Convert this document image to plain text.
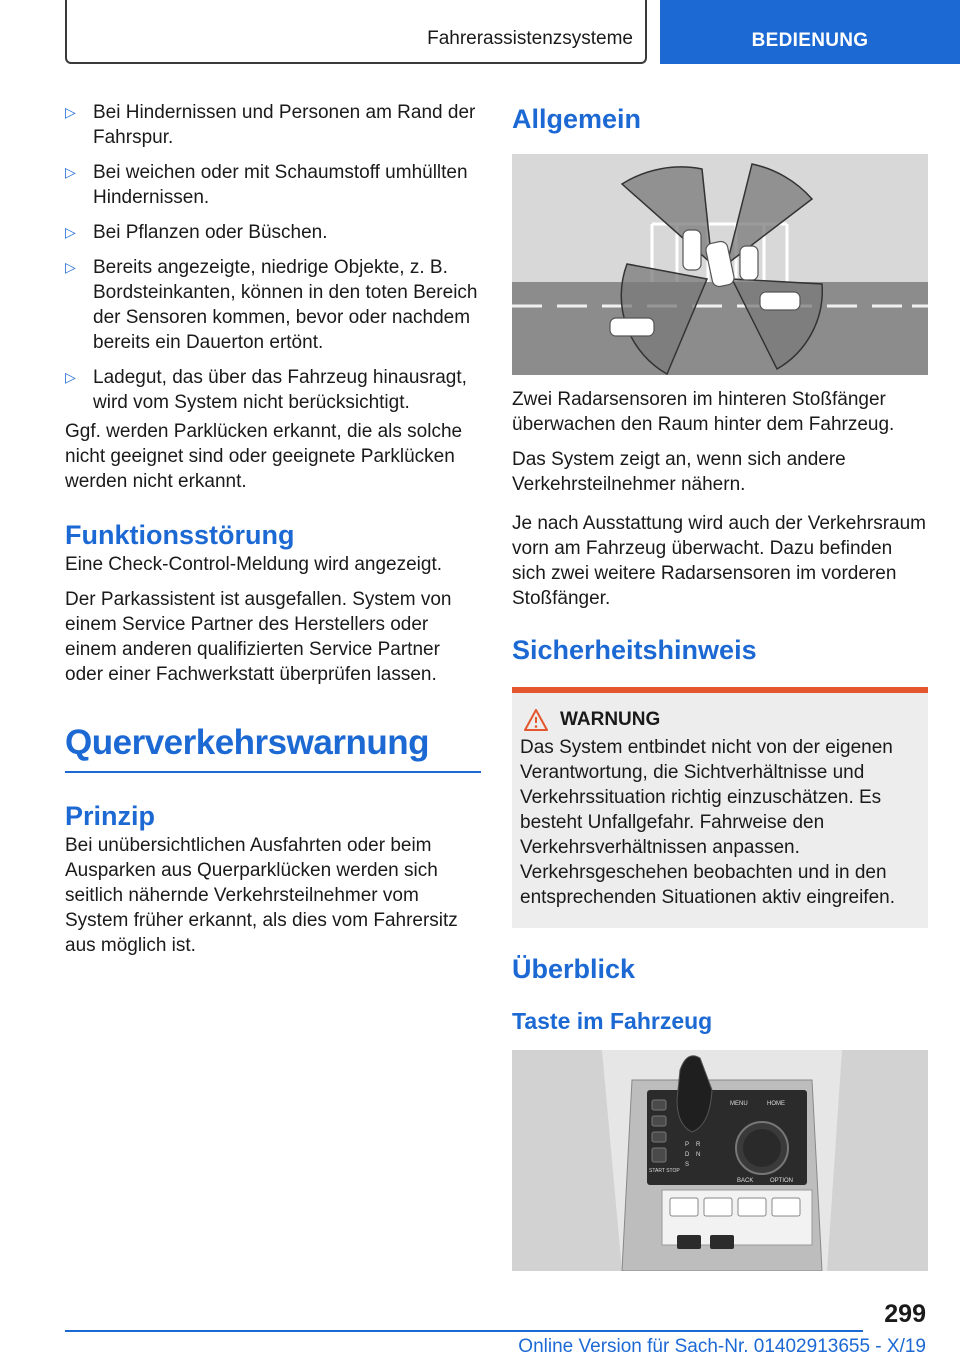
Fahrerassistenzsysteme	BEDIENUNG
▷ Bei Hindernissen und Personen am Rand der Fahrspur.
▷ Bei weichen oder mit Schaumstoff umhüllten Hindernissen.
▷ Bei Pflanzen oder Büschen.
▷ Bereits angezeigte, niedrige Objekte, z. B. Bordsteinkanten, können in den toten Bereich der Sensoren kommen, bevor oder nachdem bereits ein Dauerton ertönt.
▷ Ladegut, das über das Fahrzeug hinausragt, wird vom System nicht berücksichtigt.

Ggf. werden Parklücken erkannt, die als solche nicht geeignet sind oder geeignete Parklücken werden nicht erkannt.

Funktionsstörung

Eine Check-Control-Meldung wird angezeigt.

Der Parkassistent ist ausgefallen. System von einem Service Partner des Herstellers oder einem anderen qualifizierten Service Partner oder einer Fachwerkstatt überprüfen lassen.

Querverkehrswarnung
Prinzip

Bei unübersichtlichen Ausfahrten oder beim Ausparken aus Querparklücken werden sich seitlich nähernde Verkehrsteilnehmer vom System früher erkannt, als dies vom Fahrersitz aus möglich ist.

Allgemein

Zwei Radarsensoren im hinteren Stoßfänger überwachen den Raum hinter dem Fahrzeug.

Das System zeigt an, wenn sich andere Verkehrsteilnehmer nähern.

Je nach Ausstattung wird auch der Verkehrsraum vorn am Fahrzeug überwacht. Dazu befinden sich zwei weitere Radarsensoren im vorderen Stoßfänger.

Sicherheitshinweis
WARNUNG

Das System entbindet nicht von der eigenen Verantwortung, die Sichtverhältnisse und Verkehrssituation richtig einzuschätzen. Es besteht Unfallgefahr. Fahrweise den Verkehrsverhältnissen anpassen. Verkehrsgeschehen beobachten und in den entsprechenden Situationen aktiv eingreifen.

Überblick
Taste im Fahrzeug
P
D
S
R
N
MENU	HOME
BACK	OPTION
START STOP
299
Online Version für Sach-Nr. 01402913655 - X/19
